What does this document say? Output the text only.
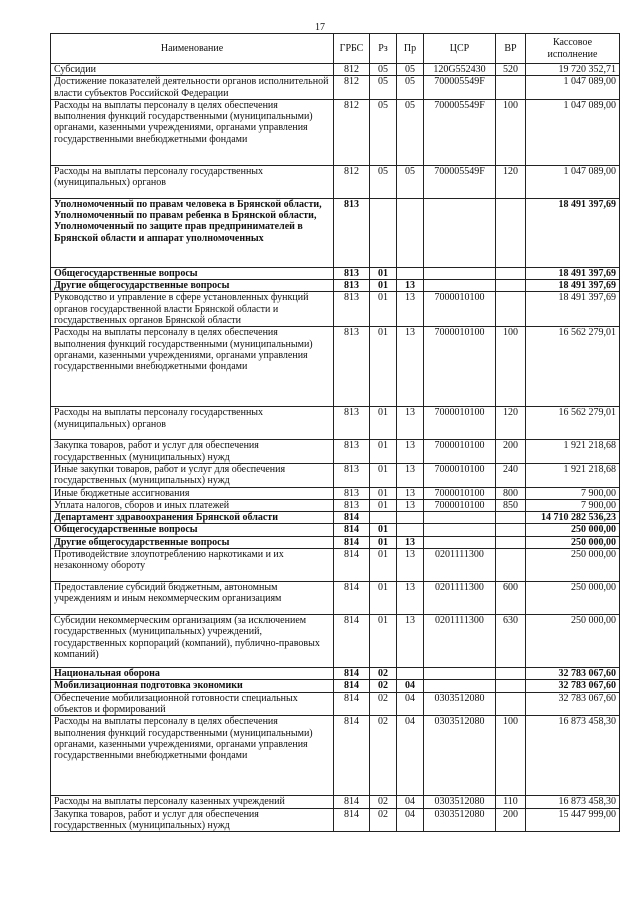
17
Наименование	ГРБС	Рз	Пр	ЦСР	ВР	Кассовое исполнение
Субсидии	812	05	05	120G552430	520	19 720 352,71
Достижение показателей деятельности органов исполнительной власти субъектов Российской Федерации	812	05	05	700005549F		1 047 089,00
Расходы на выплаты персоналу в целях обеспечения выполнения функций государственными (муниципальными) органами, казенными учреждениями, органами управления государственными внебюджетными фондами	812	05	05	700005549F	100	1 047 089,00
Расходы на выплаты персоналу государственных (муниципальных) органов	812	05	05	700005549F	120	1 047 089,00
Уполномоченный по правам человека в Брянской области, Уполномоченный по правам ребенка в Брянской области, Уполномоченный по защите прав предпринимателей в Брянской области и аппарат уполномоченных	813					18 491 397,69
Общегосударственные вопросы	813	01				18 491 397,69
Другие общегосударственные вопросы	813	01	13			18 491 397,69
Руководство и управление в сфере установленных функций органов государственной власти Брянской области и государственных органов Брянской области	813	01	13	7000010100		18 491 397,69
Расходы на выплаты персоналу в целях обеспечения выполнения функций государственными (муниципальными) органами, казенными учреждениями, органами управления государственными внебюджетными фондами	813	01	13	7000010100	100	16 562 279,01
Расходы на выплаты персоналу государственных (муниципальных) органов	813	01	13	7000010100	120	16 562 279,01
Закупка товаров, работ и услуг для обеспечения государственных (муниципальных) нужд	813	01	13	7000010100	200	1 921 218,68
Иные закупки товаров, работ и услуг для обеспечения государственных (муниципальных) нужд	813	01	13	7000010100	240	1 921 218,68
Иные бюджетные ассигнования	813	01	13	7000010100	800	7 900,00
Уплата налогов, сборов и иных платежей	813	01	13	7000010100	850	7 900,00
Департамент здравоохранения Брянской области	814					14 710 282 536,23
Общегосударственные вопросы	814	01				250 000,00
Другие общегосударственные вопросы	814	01	13			250 000,00
Противодействие злоупотреблению наркотиками и их незаконному обороту	814	01	13	0201111300		250 000,00
Предоставление субсидий бюджетным, автономным учреждениям и иным некоммерческим организациям	814	01	13	0201111300	600	250 000,00
Субсидии некоммерческим организациям (за исключением государственных (муниципальных) учреждений, государственных корпораций (компаний), публично-правовых компаний)	814	01	13	0201111300	630	250 000,00
Национальная оборона	814	02				32 783 067,60
Мобилизационная подготовка экономики	814	02	04			32 783 067,60
Обеспечение мобилизационной готовности специальных объектов и формирований	814	02	04	0303512080		32 783 067,60
Расходы на выплаты персоналу в целях обеспечения выполнения функций государственными (муниципальными) органами, казенными учреждениями, органами управления государственными внебюджетными фондами	814	02	04	0303512080	100	16 873 458,30
Расходы на выплаты персоналу казенных учреждений	814	02	04	0303512080	110	16 873 458,30
Закупка товаров, работ и услуг для обеспечения государственных (муниципальных) нужд	814	02	04	0303512080	200	15 447 999,00
